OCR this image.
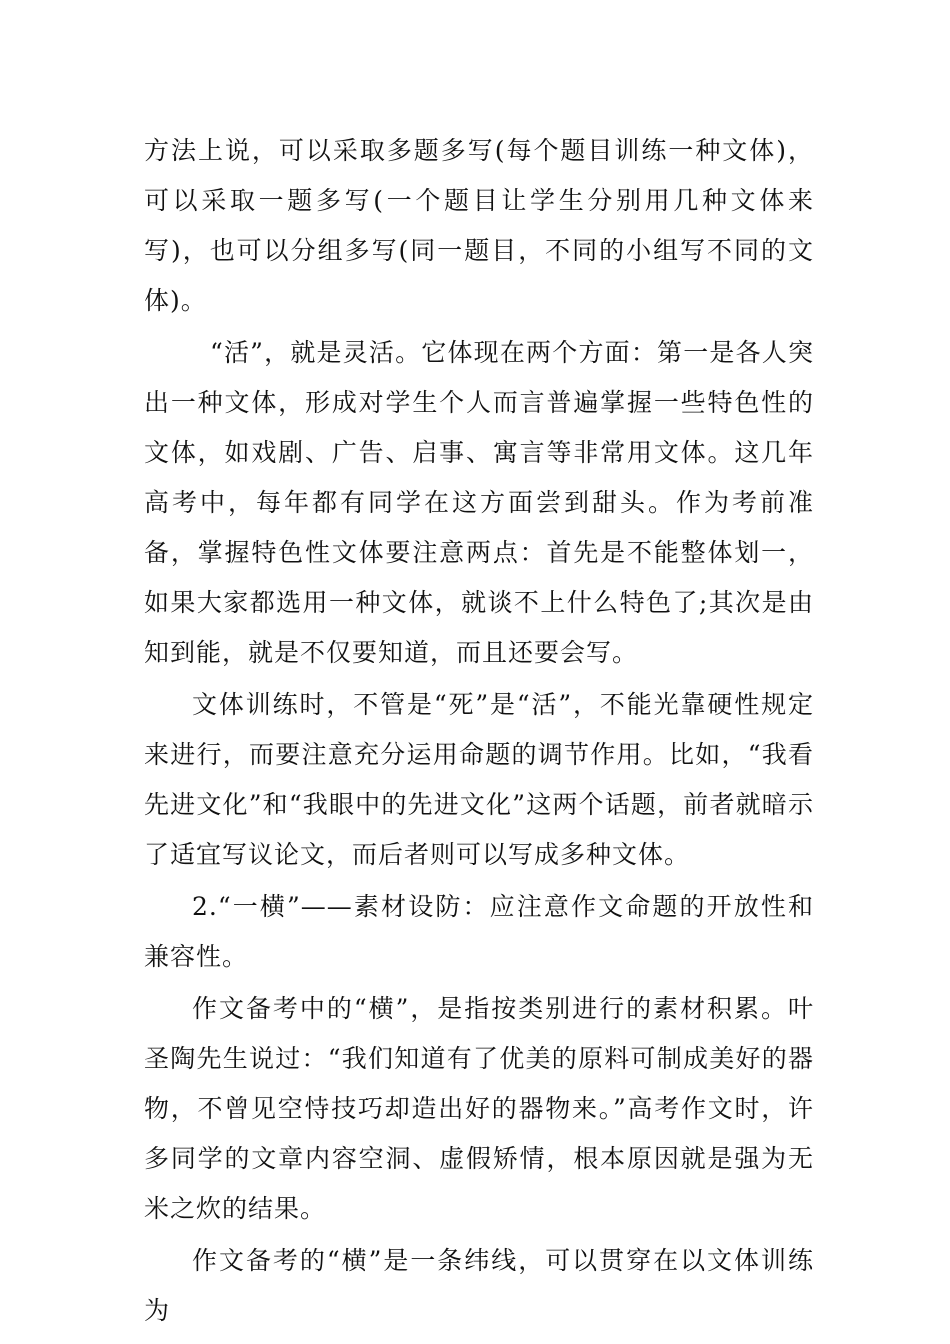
方法上说，可以采取多题多写(每个题目训练一种文体)，可以采取一题多写(一个题目让学生分别用几种文体来写)，也可以分组多写(同一题目，不同的小组写不同的文体)。

“活”，就是灵活。它体现在两个方面：第一是各人突出一种文体，形成对学生个人而言普遍掌握一些特色性的文体，如戏剧、广告、启事、寓言等非常用文体。这几年高考中，每年都有同学在这方面尝到甜头。作为考前准备，掌握特色性文体要注意两点：首先是不能整体划一，如果大家都选用一种文体，就谈不上什么特色了;其次是由知到能，就是不仅要知道，而且还要会写。

文体训练时，不管是“死”是“活”，不能光靠硬性规定来进行，而要注意充分运用命题的调节作用。比如，“我看先进文化”和“我眼中的先进文化”这两个话题，前者就暗示了适宜写议论文，而后者则可以写成多种文体。

2.“一横”——素材设防：应注意作文命题的开放性和兼容性。

作文备考中的“横”，是指按类别进行的素材积累。叶圣陶先生说过：“我们知道有了优美的原料可制成美好的器物，不曾见空恃技巧却造出好的器物来。”高考作文时，许多同学的文章内容空洞、虚假矫情，根本原因就是强为无米之炊的结果。

作文备考的“横”是一条纬线，可以贯穿在以文体训练为
